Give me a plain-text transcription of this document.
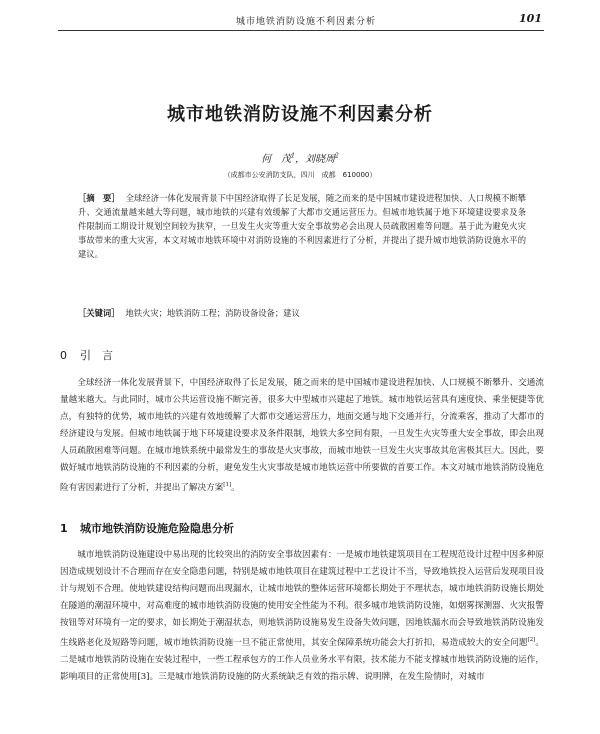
城市地铁消防设施不利因素分析	101
城市地铁消防设施不利因素分析
何　茂$^1$，刘晓周$^2$
（成都市公安消防支队，四川　成都　610000）
［摘　要］ 全球经济一体化发展背景下中国经济取得了长足发展，随之而来的是中国城市建设进程加快、人口规模不断攀升、交通流量越来越大等问题，城市地铁的兴建有效缓解了大都市交通运营压力。但城市地铁属于地下环境建设要求及条件限制而工期设计规划空间较为狭窄，一旦发生火灾等重大安全事故势必会出现人员疏散困难等问题。基于此为避免火灾事故带来的重大灾害，本文对城市地铁环境中对消防设施的不利因素进行了分析，并提出了提升城市地铁消防设施水平的建议。
［关键词］ 地铁火灾；地铁消防工程；消防设备设备；建议
0 引　言
全球经济一体化发展背景下，中国经济取得了长足发展，随之而来的是中国城市建设进程加快、人口规模不断攀升、交通流量越来越大。与此同时，城市公共运营设施不断完善，很多大中型城市兴建起了地铁。城市地铁运营具有速度快、乘坐便捷等优点，有独特的优势，城市地铁的兴建有效地缓解了大都市交通运营压力，地面交通与地下交通并行，分流乘客，推动了大都市的经济建设与发展。但城市地铁属于地下环境建设要求及条件限制，地铁大多空间有限，一旦发生火灾等重大安全事故，即会出现人员疏散困难等问题。在城市地铁系统中最常发生的事故是火灾事故，而城市地铁一旦发生火灾事故其危害极其巨大。因此，要做好城市地铁消防设施的不利因素的分析，避免发生火灾事故是城市地铁运营中所要做的首要工作。本文对城市地铁消防设施危险有害因素进行了分析，并提出了解决方案[1]。
1 城市地铁消防设施危险隐患分析
城市地铁消防设施建设中易出现的比较突出的消防安全事故因素有：一是城市地铁建筑项目在工程规范设计过程中因多种原因造成规划设计不合理而存在安全隐患问题，特别是城市地铁项目在建筑过程中工艺设计不当，导致地铁投入运营后发现项目设计与规划不合理。使地铁建设结构问题而出现漏水，让城市地铁的整体运营环境都长期处于不理状态，城市地铁消防设施长期处在隧道的潮湿环境中，对高难度的城市地铁消防设施的使用安全性能为不利。很多城市地铁消防设施，如烟雾探测器、火灾报警按钮等对环境有一定的要求，如长期处于潮湿状态，则地铁消防设施易发生设备失效问题，因地铁漏水而会导致地铁消防设施发生线路老化及短路等问题，城市地铁消防设施一旦不能正常使用，其安全保障系统功能会大打折扣，易造成较大的安全问题[2]。二是城市地铁消防设施在安装过程中，一些工程承包方的工作人员业务水平有限，技术能力不能支撑城市地铁消防设施的运作，影响项目的正常使用[3]。三是城市地铁消防设施的防火系统缺乏有效的指示牌、说明牌，在发生险情时，对城市
